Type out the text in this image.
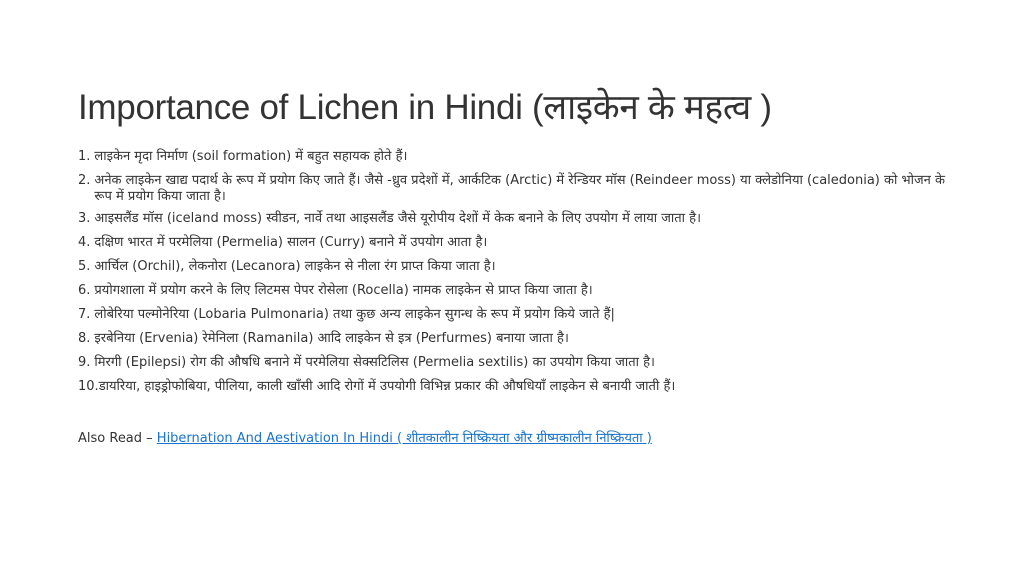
Importance of Lichen in Hindi (लाइकेन के महत्व )
1. लाइकेन मृदा निर्माण (soil formation) में बहुत सहायक होते हैं।
2. अनेक लाइकेन खाद्य पदार्थ के रूप में प्रयोग किए जाते हैं। जैसे -ध्रुव प्रदेशों में, आर्कटिक (Arctic) में रेन्डियर मॉस (Reindeer moss) या क्लेडोनिया (caledonia) को भोजन के रूप में प्रयोग किया जाता है।
3. आइसलैंड मॉस (iceland moss) स्वीडन, नार्वे तथा आइसलैंड जैसे यूरोपीय देशों में केक बनाने के लिए उपयोग में लाया जाता है।
4. दक्षिण भारत में परमेलिया (Permelia) सालन (Curry) बनाने में उपयोग आता है।
5. आर्चिल (Orchil), लेकनोरा (Lecanora) लाइकेन से नीला रंग प्राप्त किया जाता है।
6. प्रयोगशाला में प्रयोग करने के लिए लिटमस पेपर रोसेला (Rocella) नामक लाइकेन से प्राप्त किया जाता है।
7. लोबेरिया पल्मोनेरिया (Lobaria Pulmonaria) तथा कुछ अन्य लाइकेन सुगन्ध के रूप में प्रयोग किये जाते हैं|
8. इरबेनिया (Ervenia) रेमेनिला (Ramanila) आदि लाइकेन से इत्र (Perfurmes) बनाया जाता है।
9. मिरगी (Epilepsi) रोग की औषधि बनाने में परमेलिया सेक्सटिलिस (Permelia sextilis) का उपयोग किया जाता है।
10. डायरिया, हाइड्रोफोबिया, पीलिया, काली खाँसी आदि रोगों में उपयोगी विभिन्न प्रकार की औषधियाँ लाइकेन से बनायी जाती हैं।
Also Read – Hibernation And Aestivation In Hindi ( शीतकालीन निष्क्रियता और ग्रीष्मकालीन निष्क्रियता )
